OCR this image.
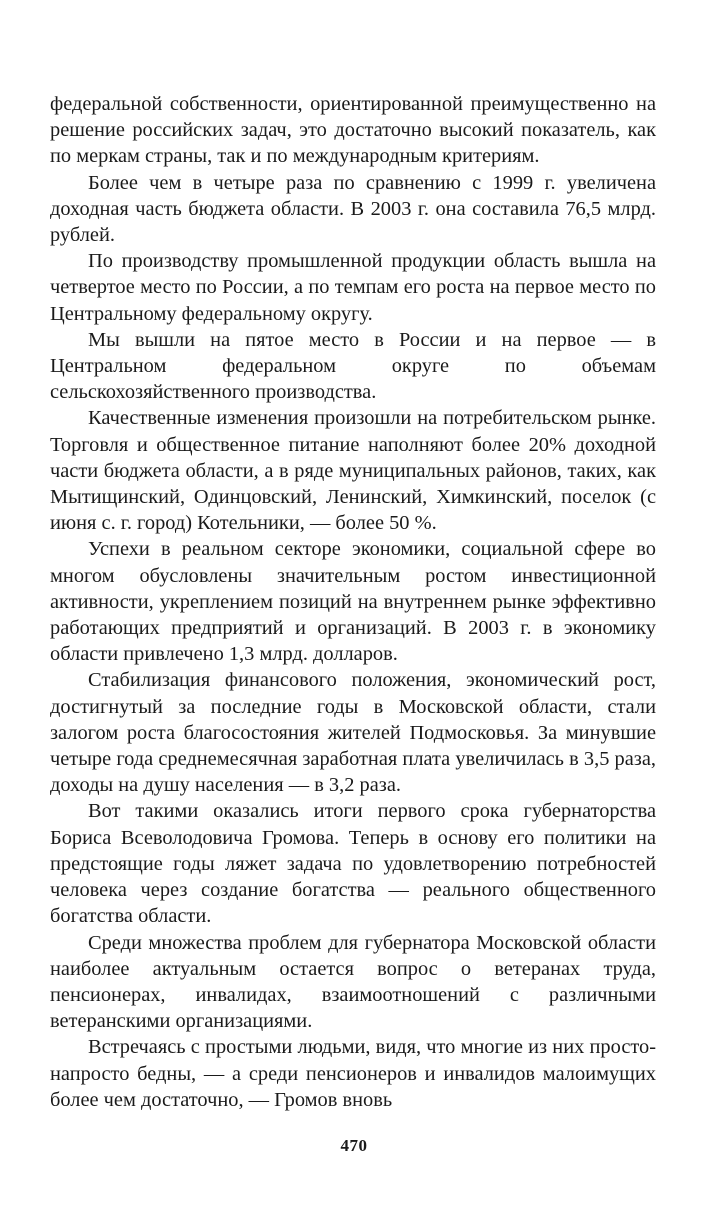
федеральной собственности, ориентированной преимущественно на решение российских задач, это достаточно высокий показатель, как по меркам страны, так и по международным критериям.

Более чем в четыре раза по сравнению с 1999 г. увеличена доходная часть бюджета области. В 2003 г. она составила 76,5 млрд. рублей.

По производству промышленной продукции область вышла на четвертое место по России, а по темпам его роста на первое место по Центральному федеральному округу.

Мы вышли на пятое место в России и на первое — в Центральном федеральном округе по объемам сельскохозяйственного производства.

Качественные изменения произошли на потребительском рынке. Торговля и общественное питание наполняют более 20% доходной части бюджета области, а в ряде муниципальных районов, таких, как Мытищинский, Одинцовский, Ленинский, Химкинский, поселок (с июня с. г. город) Котельники, — более 50 %.

Успехи в реальном секторе экономики, социальной сфере во многом обусловлены значительным ростом инвестиционной активности, укреплением позиций на внутреннем рынке эффективно работающих предприятий и организаций. В 2003 г. в экономику области привлечено 1,3 млрд. долларов.

Стабилизация финансового положения, экономический рост, достигнутый за последние годы в Московской области, стали залогом роста благосостояния жителей Подмосковья. За минувшие четыре года среднемесячная заработная плата увеличилась в 3,5 раза, доходы на душу населения — в 3,2 раза.

Вот такими оказались итоги первого срока губернаторства Бориса Всеволодовича Громова. Теперь в основу его политики на предстоящие годы ляжет задача по удовлетворению потребностей человека через создание богатства — реального общественного богатства области.

Среди множества проблем для губернатора Московской области наиболее актуальным остается вопрос о ветеранах труда, пенсионерах, инвалидах, взаимоотношений с различными ветеранскими организациями.

Встречаясь с простыми людьми, видя, что многие из них просто-напросто бедны, — а среди пенсионеров и инвалидов малоимущих более чем достаточно, — Громов вновь

470
